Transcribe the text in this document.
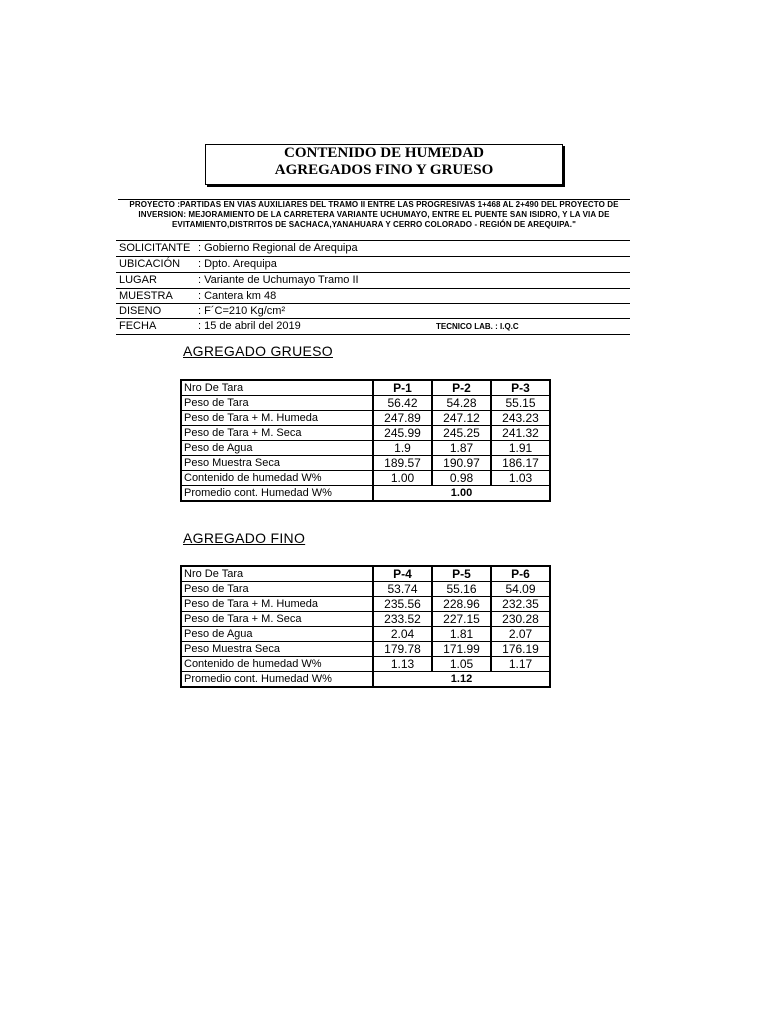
CONTENIDO DE HUMEDAD
AGREGADOS FINO Y GRUESO
PROYECTO :PARTIDAS EN VIAS AUXILIARES DEL TRAMO II ENTRE LAS PROGRESIVAS 1+468 AL 2+490 DEL PROYECTO DE INVERSION: MEJORAMIENTO DE LA CARRETERA VARIANTE UCHUMAYO, ENTRE EL PUENTE SAN ISIDRO, Y LA VIA DE EVITAMIENTO,DISTRITOS DE SACHACA,YANAHUARA Y CERRO COLORADO - REGIÓN DE AREQUIPA."
SOLICITANTE : Gobierno Regional de Arequipa
UBICACIÓN : Dpto. Arequipa
LUGAR	: Variante de Uchumayo Tramo II
MUESTRA : Cantera km 48
DISENO	: F´C=210 Kg/cm²
FECHA	: 15 de abril del 2019	TECNICO LAB. : I.Q.C
AGREGADO GRUESO
Nro De Tara	P-1	P-2	P-3
Peso de Tara	56.42	54.28	55.15
Peso de Tara + M. Humeda	247.89	247.12	243.23
Peso de Tara + M. Seca	245.99	245.25	241.32
Peso de Agua	1.9	1.87	1.91
Peso Muestra Seca	189.57	190.97	186.17
Contenido de humedad W%	1.00	0.98	1.03
Promedio cont. Humedad W%	1.00		
AGREGADO FINO
Nro De Tara	P-4	P-5	P-6
Peso de Tara	53.74	55.16	54.09
Peso de Tara + M. Humeda	235.56	228.96	232.35
Peso de Tara + M. Seca	233.52	227.15	230.28
Peso de Agua	2.04	1.81	2.07
Peso Muestra Seca	179.78	171.99	176.19
Contenido de humedad W%	1.13	1.05	1.17
Promedio cont. Humedad W%	1.12		
